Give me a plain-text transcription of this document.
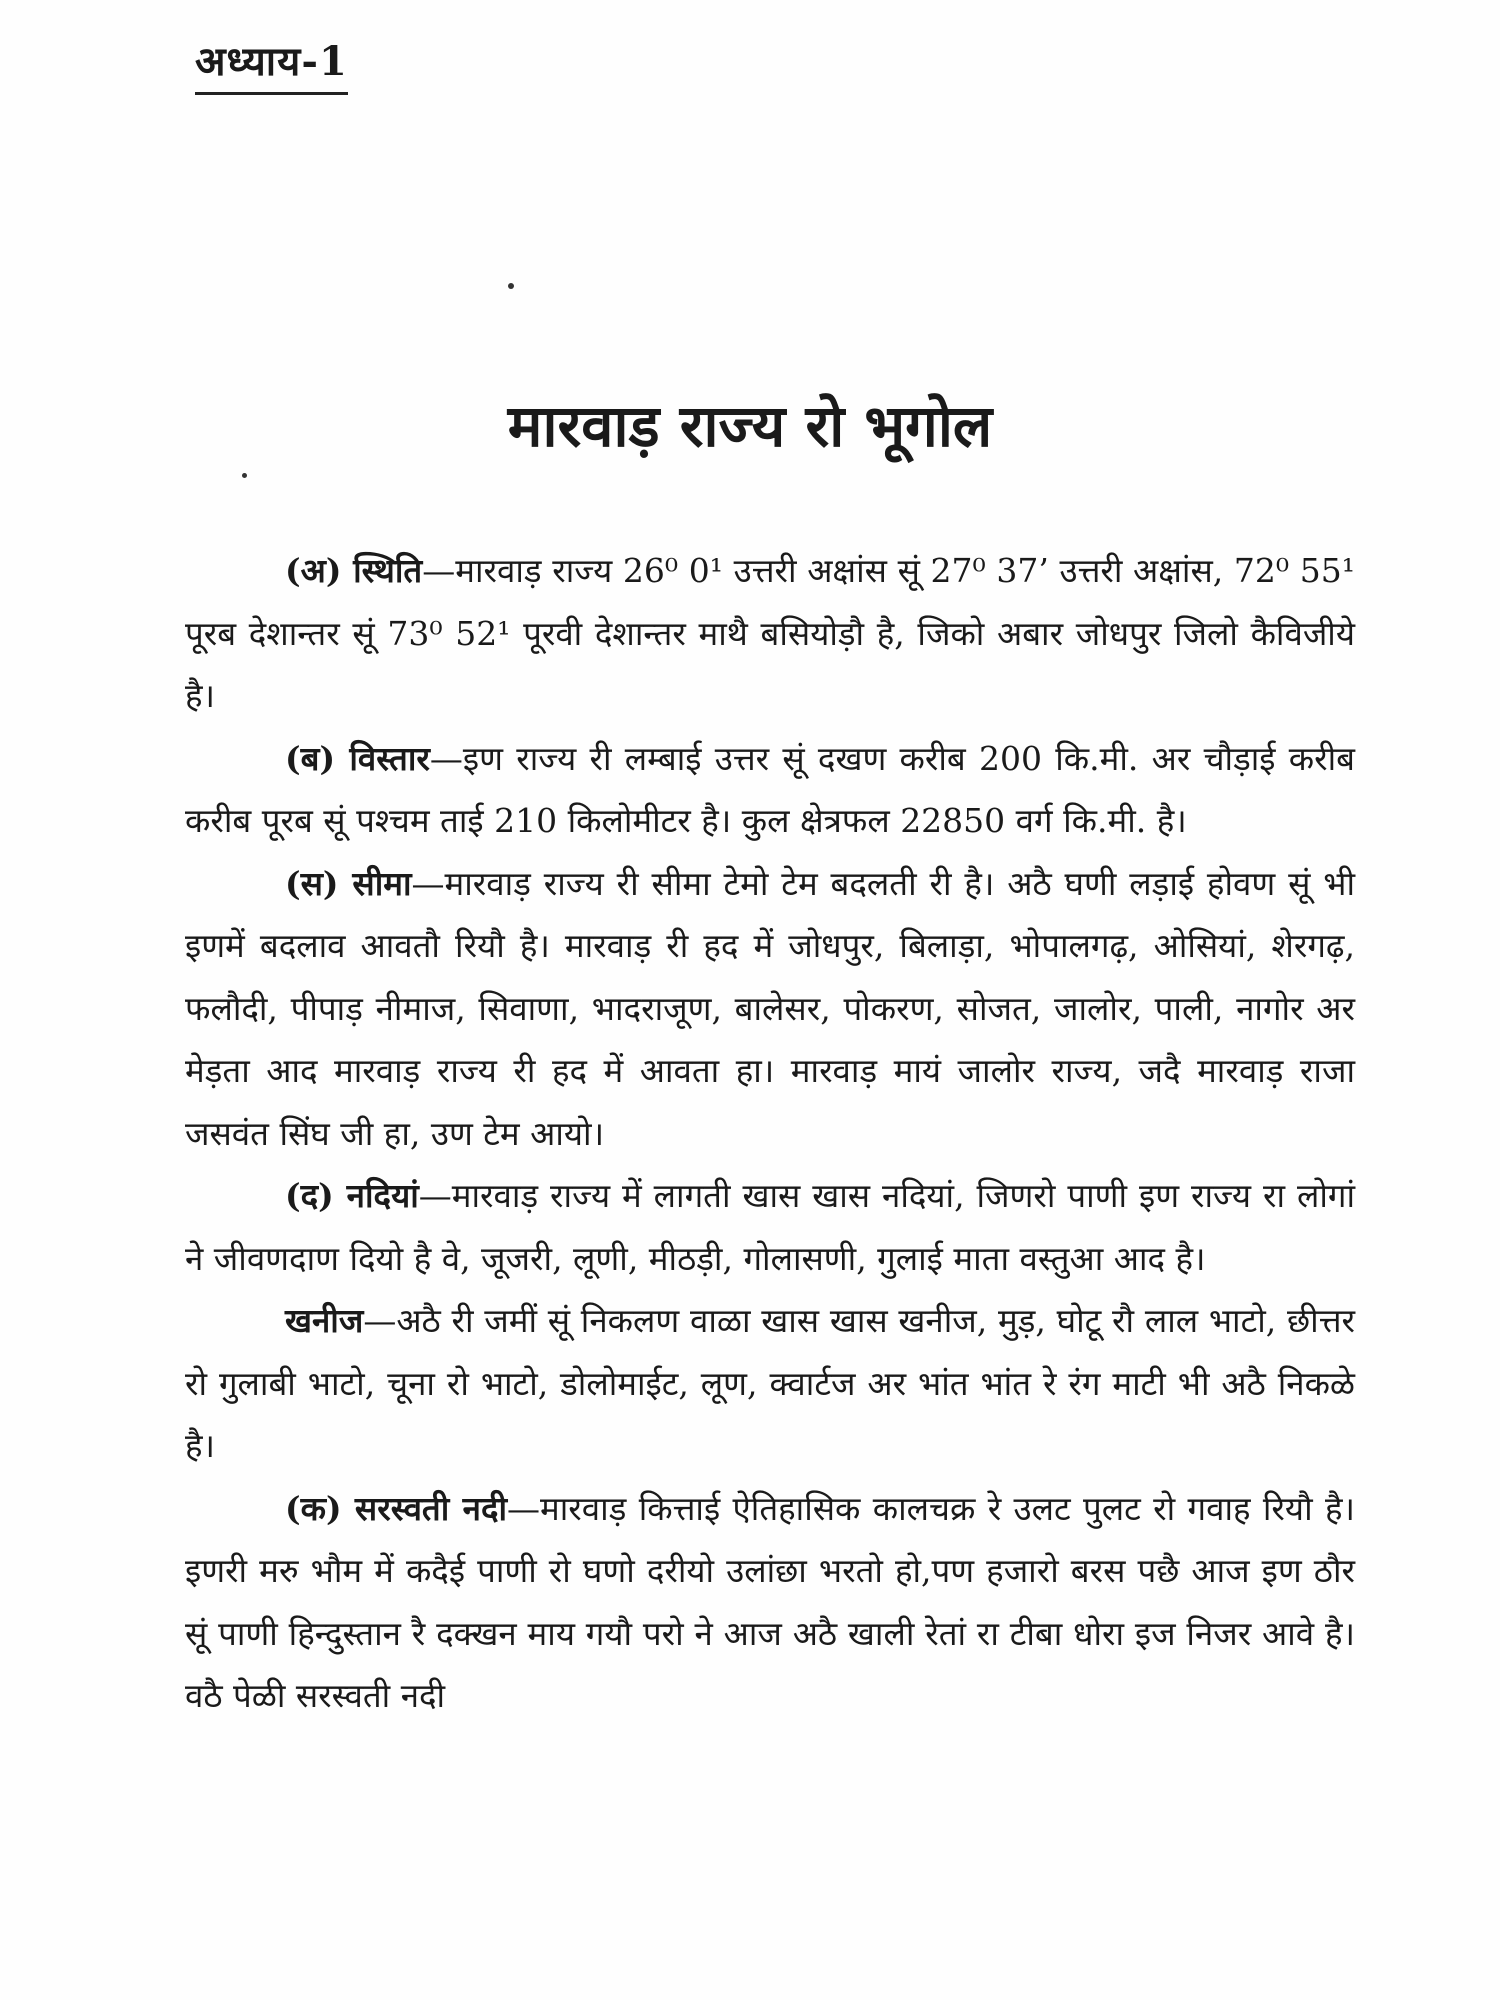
अध्याय-1
मारवाड़ राज्य रो भूगोल

(अ) स्थिति—मारवाड़ राज्य 26⁰ 0¹ उत्तरी अक्षांस सूं 27⁰ 37’ उत्तरी अक्षांस, 72⁰ 55¹ पूरब देशान्तर सूं 73⁰ 52¹ पूरवी देशान्तर माथै बसियोड़ौ है, जिको अबार जोधपुर जिलो कैविजीये है।

(ब) विस्तार—इण राज्य री लम्बाई उत्तर सूं दखण करीब 200 कि.मी. अर चौड़ाई करीब करीब पूरब सूं पश्चम ताई 210 किलोमीटर है। कुल क्षेत्रफल 22850 वर्ग कि.मी. है।

(स) सीमा—मारवाड़ राज्य री सीमा टेमो टेम बदलती री है। अठै घणी लड़ाई होवण सूं भी इणमें बदलाव आवतौ रियौ है। मारवाड़ री हद में जोधपुर, बिलाड़ा, भोपालगढ़, ओसियां, शेरगढ़, फलौदी, पीपाड़ नीमाज, सिवाणा, भादराजूण, बालेसर, पोकरण, सोजत, जालोर, पाली, नागोर अर मेड़ता आद मारवाड़ राज्य री हद में आवता हा। मारवाड़ मायं जालोर राज्य, जदै मारवाड़ राजा जसवंत सिंघ जी हा, उण टेम आयो।

(द) नदियां—मारवाड़ राज्य में लागती खास खास नदियां, जिणरो पाणी इण राज्य रा लोगां ने जीवणदाण दियो है वे, जूजरी, लूणी, मीठड़ी, गोलासणी, गुलाई माता वस्तुआ आद है।

खनीज—अठै री जमीं सूं निकलण वाळा खास खास खनीज, मुड़, घोटू रौ लाल भाटो, छीत्तर रो गुलाबी भाटो, चूना रो भाटो, डोलोमाईट, लूण, क्वार्टज अर भांत भांत रे रंग माटी भी अठै निकळे है।

(क) सरस्वती नदी—मारवाड़ कित्ताई ऐतिहासिक कालचक्र रे उलट पुलट रो गवाह रियौ है। इणरी मरु भौम में कदैई पाणी रो घणो दरीयो उलांछा भरतो हो,पण हजारो बरस पछै आज इण ठौर सूं पाणी हिन्दुस्तान रै दक्खन माय गयौ परो ने आज अठै खाली रेतां रा टीबा धोरा इज निजर आवे है। वठै पेळी सरस्वती नदी
